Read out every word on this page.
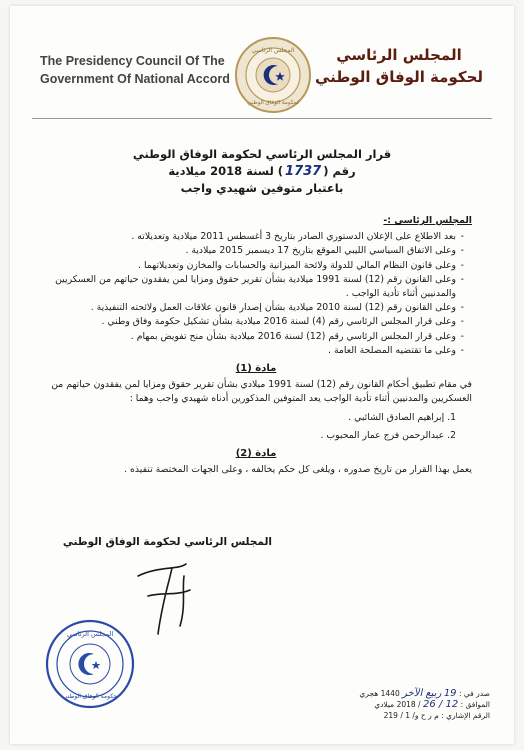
The Presidency Council Of The
Government Of National Accord
المجلس الرئاسي
لحكومة الوفاق الوطني
المجلس الرئاسي
لحكومة الوفاق الوطني
قرار المجلس الرئاسي لحكومة الوفاق الوطني
رقم (1737) لسنة 2018 ميلادية
باعتبار متوفين شهيدي واجب
المجلس الرئاسي :-
- بعد الاطلاع على الإعلان الدستوري الصادر بتاريخ 3 أغسطس 2011 ميلادية وتعديلاته .
- وعلى الاتفاق السياسي الليبي الموقع بتاريخ 17 ديسمبر 2015 ميلادية .
- وعلى قانون النظام المالي للدولة ولائحة الميزانية والحسابات والمخازن وتعديلاتهما .
- وعلى القانون رقم (12) لسنة 1991 ميلادية بشأن تقرير حقوق ومزايا لمن يفقدون حياتهم من العسكريين والمدنيين أثناء تأدية الواجب .
- وعلى القانون رقم (12) لسنة 2010 ميلادية بشأن إصدار قانون علاقات العمل ولائحته التنفيذية .
- وعلى قرار المجلس الرئاسي رقم (4) لسنة 2016 ميلادية بشأن تشكيل حكومة وفاق وطني .
- وعلى قرار المجلس الرئاسي رقم (12) لسنة 2016 ميلادية بشأن منح تفويض بمهام .
- وعلى ما تقتضيه المصلحة العامة .
مادة (1)
في مقام تطبيق أحكام القانون رقم (12) لسنة 1991 ميلادي بشأن تقرير حقوق ومزايا لمن يفقدون حياتهم من العسكريين والمدنيين أثناء تأدية الواجب يعد المتوفين المذكورين أدناه شهيدي واجب وهما :
1. إبراهيم الصادق الشائبي .
2. عبدالرحمن فرج عمار المحبوب .
مادة (2)
يعمل بهذا القرار من تاريخ صدوره ، ويلغى كل حكم يخالفه ، وعلى الجهات المختصة تنفيذه .
المجلس الرئاسي لحكومة الوفاق الوطني
المجلس الرئاسي
حكومة الوفاق الوطني	صدر في : 19 ربيع الآخر 1440 هجري
الموافق : 12 / 26 / 2018 ميلادي
الرقم الإشاري : م ر ح و/ 1 / 219
